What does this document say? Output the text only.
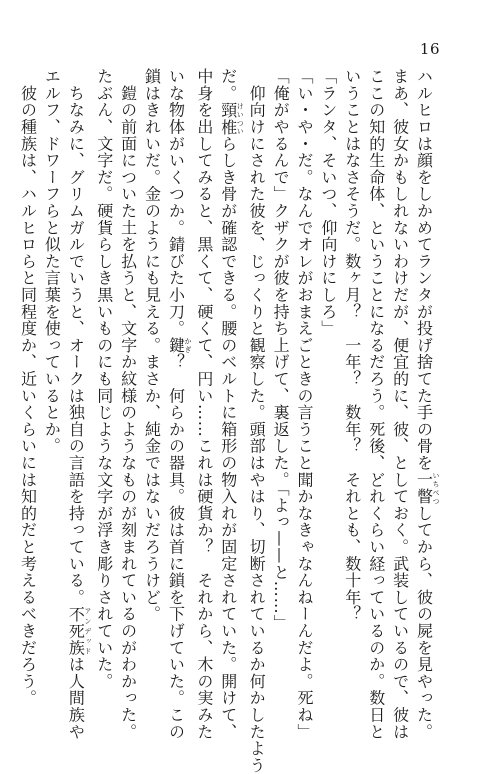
16
ハルヒロは顔をしかめてランタが投げ捨てた手の骨を一瞥いちべつしてから、彼の屍を見やった。
まあ、彼女かもしれないわけだが、便宜的に、彼、としておく。武装しているので、彼は
ここの知的生命体、ということになるだろう。死後、どれくらい経っているのか。数日と
いうことはなさそうだ。数ヶ月？　一年？　数年？　それとも、数十年？
「ランタ、そいつ、仰向けにしろ」
「い・や・だ。なんでオレがおまえごときの言うこと聞かなきゃなんねーんだよ。死ね」
「俺がやるんで」クザクが彼を持ち上げて、裏返した。「よっ——と……」
　仰向けにされた彼を、じっくりと観察した。頭部はやはり、切断されているか何かしたよう
だ。頸椎けいついらしき骨が確認できる。腰のベルトに箱形の物入れが固定されていた。開けて、
中身を出してみると、黒くて、硬くて、円い……これは硬貨か？　それから、木の実みた
いな物体がいくつか。錆びた小刀。鍵かぎ？　何らかの器具。彼は首に鎖を下げていた。この
鎖はきれいだ。金のようにも見える。まさか、純金ではないだろうけど。
　鎧の前面についた土を払うと、文字か紋様のようなものが刻まれているのがわかった。
たぶん、文字だ。硬貨らしき黒いものにも同じような文字が浮き彫りされていた。
　ちなみに、グリムガルでいうと、オークは独自の言語を持っている。不死族アンデッドは人間族や
エルフ、ドワーフらと似た言葉を使っているとか。
　彼の種族は、ハルヒロらと同程度か、近いくらいには知的だと考えるべきだろう。
